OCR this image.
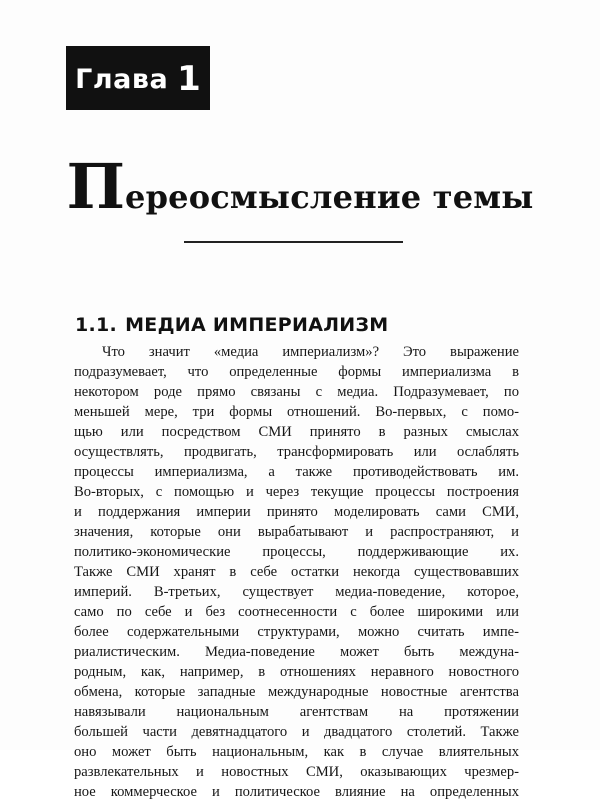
Глава 1
Переосмысление темы
1.1. МЕДИА ИМПЕРИАЛИЗМ
Что значит «медиа империализм»? Это выражение
подразумевает, что определенные формы империализма в
некотором роде прямо связаны с медиа. Подразумевает, по
меньшей мере, три формы отношений. Во-первых, с помо-
щью или посредством СМИ принято в разных смыслах
осуществлять, продвигать, трансформировать или ослаблять
процессы империализма, а также противодействовать им.
Во-вторых, с помощью и через текущие процессы построения
и поддержания империи принято моделировать сами СМИ,
значения, которые они вырабатывают и распространяют, и
политико-экономические процессы, поддерживающие их.
Также СМИ хранят в себе остатки некогда существовавших
империй. В-третьих, существует медиа-поведение, которое,
само по себе и без соотнесенности с более широкими или
более содержательными структурами, можно считать импе-
риалистическим. Медиа-поведение может быть междуна-
родным, как, например, в отношениях неравного новостного
обмена, которые западные международные новостные агентства
навязывали национальным агентствам на протяжении
большей части девятнадцатого и двадцатого столетий. Также
оно может быть национальным, как в случае влиятельных
развлекательных и новостных СМИ, оказывающих чрезмер-
ное коммерческое и политическое влияние на определенных
